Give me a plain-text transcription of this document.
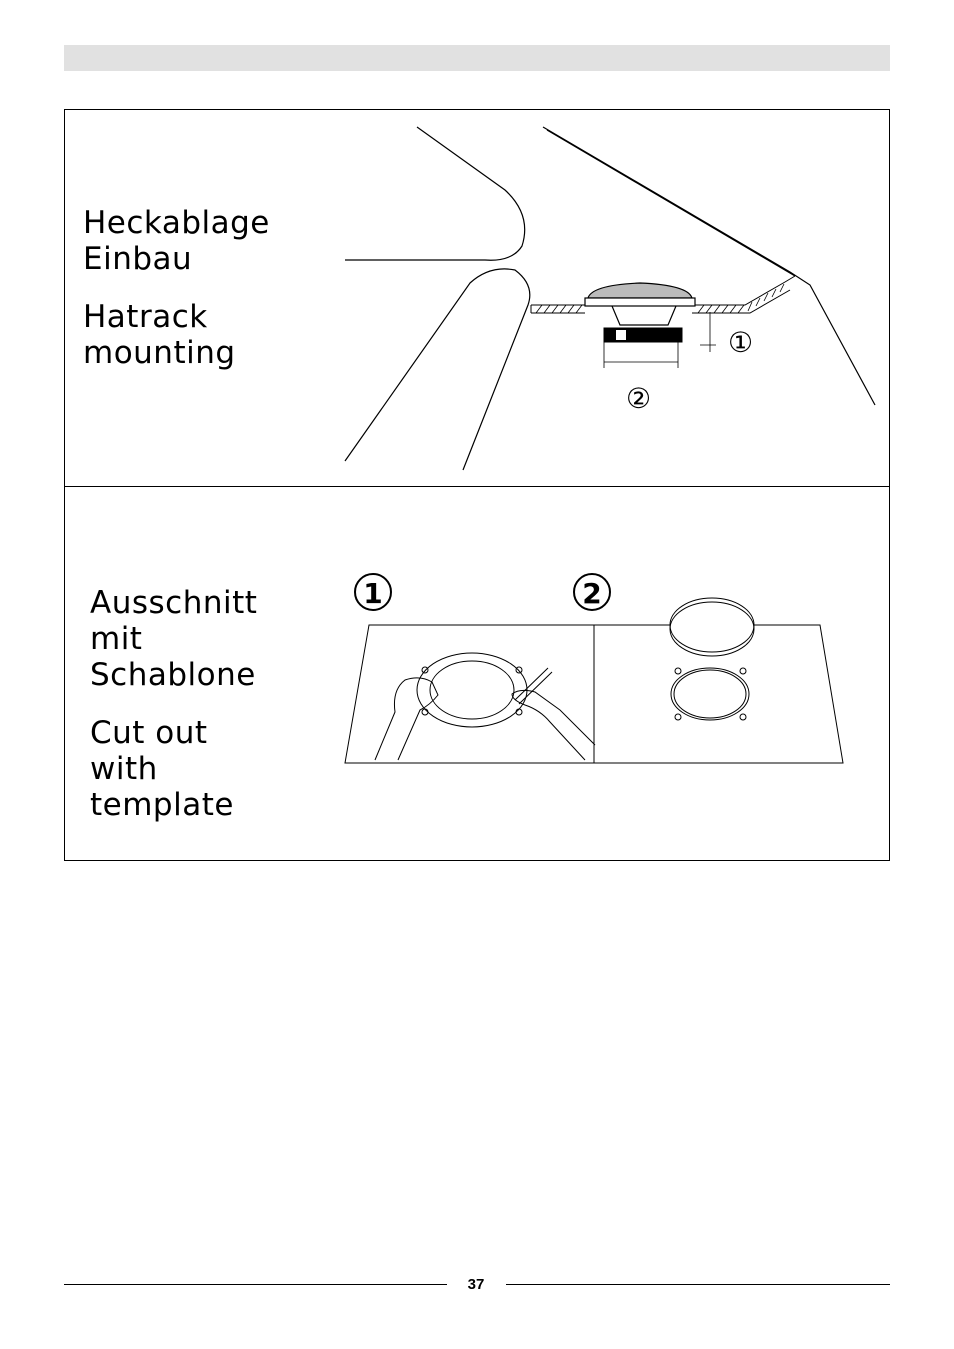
Heckablage
Einbau
Hatrack
mounting	①
②
Ausschnitt
mit
Schablone
Cut out
with
template
1	2
37
